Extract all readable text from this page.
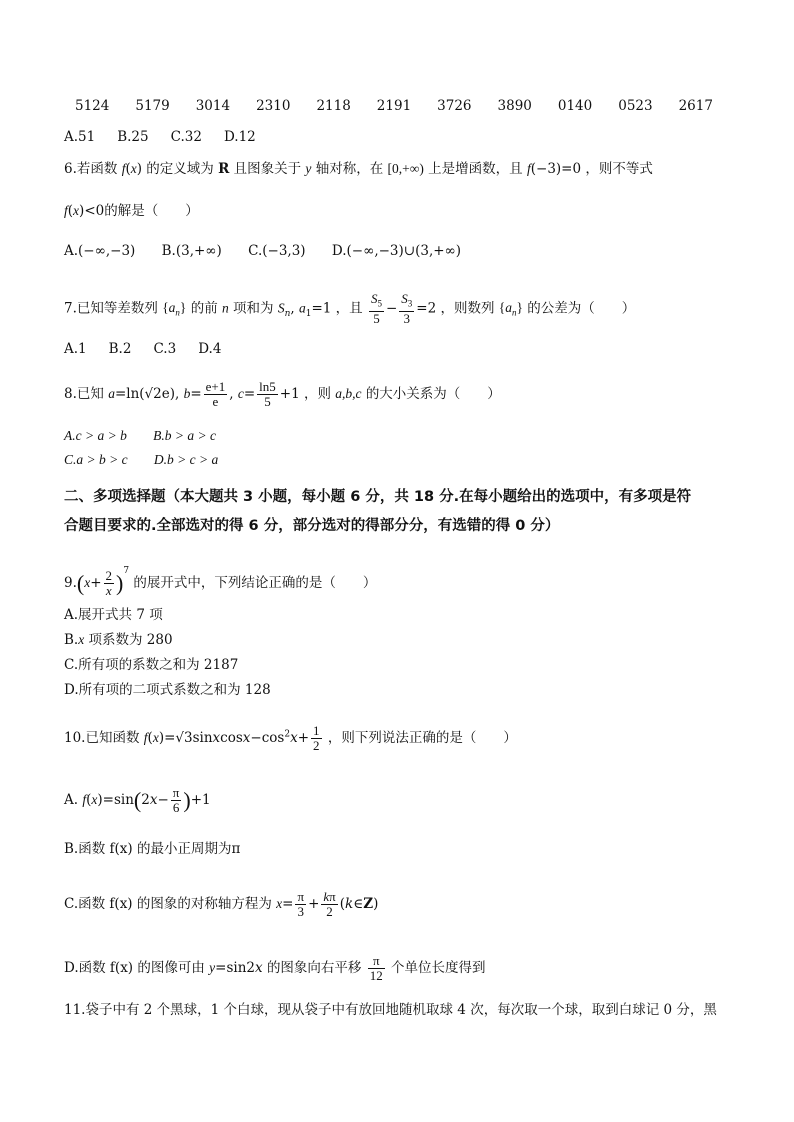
5124 5179 3014 2310 2118 2191 3726 3890 0140 0523 2617
A.51 B.25 C.32 D.12
6.若函数 f(x) 的定义域为 R 且图象关于 y 轴对称，在 [0,+∞) 上是增函数，且 f(−3)=0 ，则不等式
f(x)<0的解是（　　）
A.(−∞,−3) B.(3,+∞) C.(−3,3) D.(−∞,−3)∪(3,+∞)
7.已知等差数列 $\{a_n\}$ 的前 n 项和为 $S_n$, $a_1=1$ ，且 $\frac{S_5}{5} - \frac{S_3}{3} =2$ ，则数列 $\{a_n\}$ 的公差为（　　）
A.1 B.2 C.3 D.4
8.已知 a=ln(√2e), $b= \frac{e+1}{e}$ , $c= \frac{\ln 5}{5} +1$ ，则 a,b,c 的大小关系为（　　）
A.c > a > b B.b > a > c
C.a > b > c D.b > c > a
二、多项选择题（本大题共 3 小题，每小题 6 分，共 18 分.在每小题给出的选项中，有多项是符
合题目要求的.全部选对的得 6 分，部分选对的得部分分，有选错的得 0 分）
$9.(x+ \frac{2}{x} )^7$ 的展开式中，下列结论正确的是（　　）
A.展开式共 7 项
B.x 项系数为 280
C.所有项的系数之和为 2187
D.所有项的二项式系数之和为 128
10.已知函数 $f(x)=√3sinxcosx-\cos^2x+ \frac{1}{2}$ ，则下列说法正确的是（　　）
A. $f(x)=\sin(2x- \frac{\pi}{6} )+1$
B.函数 f(x) 的最小正周期为π
C.函数 f(x) 的图象的对称轴方程为 $x= \frac{\pi}{3} + \frac{k\pi}{2}$ (k∈Z)
D.函数 f(x) 的图像可由 y=sin2x 的图象向右平移 $\frac{\pi}{12}$ 个单位长度得到
11.袋子中有 2 个黑球，1 个白球，现从袋子中有放回地随机取球 4 次，每次取一个球，取到白球记 0 分，黑
